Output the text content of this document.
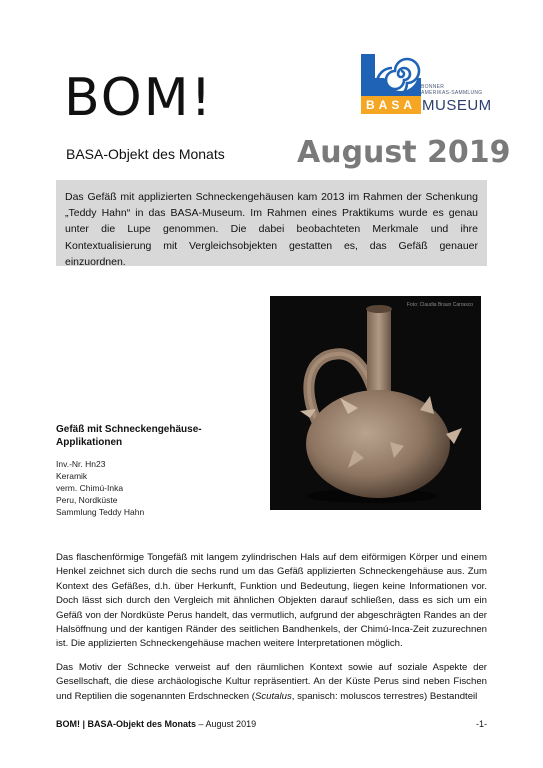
BOM!
BASA-Objekt des Monats
BASA
BONNER
AMERIKAS-SAMMLUNG
MUSEUM
August 2019
Das Gefäß mit applizierten Schneckengehäusen kam 2013 im Rahmen der Schenkung „Teddy Hahn“ in das BASA-Museum. Im Rahmen eines Praktikums wurde es genau unter die Lupe genommen. Die dabei beobachteten Merkmale und ihre Kontextualisierung mit Vergleichsobjekten gestatten es, das Gefäß genauer einzuordnen.
Foto: Claudia Braun Carrasco
Gefäß mit Schneckengehäuse-Applikationen
Inv.-Nr. Hn23
Keramik
verm. Chimú-Inka
Peru, Nordküste
Sammlung Teddy Hahn
Das flaschenförmige Tongefäß mit langem zylindrischen Hals auf dem eiförmigen Körper und einem Henkel zeichnet sich durch die sechs rund um das Gefäß applizierten Schneckengehäuse aus. Zum Kontext des Gefäßes, d.h. über Herkunft, Funktion und Bedeutung, liegen keine Informationen vor. Doch lässt sich durch den Vergleich mit ähnlichen Objekten darauf schließen, dass es sich um ein Gefäß von der Nordküste Perus handelt, das vermutlich, aufgrund der abgeschrägten Randes an der Halsöffnung und der kantigen Ränder des seitlichen Bandhenkels, der Chimú-Inca-Zeit zuzurechnen ist. Die applizierten Schneckengehäuse machen weitere Interpretationen möglich.
Das Motiv der Schnecke verweist auf den räumlichen Kontext sowie auf soziale Aspekte der Gesellschaft, die diese archäologische Kultur repräsentiert. An der Küste Perus sind neben Fischen und Reptilien die sogenannten Erdschnecken (Scutalus, spanisch: moluscos terrestres) Bestandteil
BOM! | BASA-Objekt des Monats – August 2019	-1-
